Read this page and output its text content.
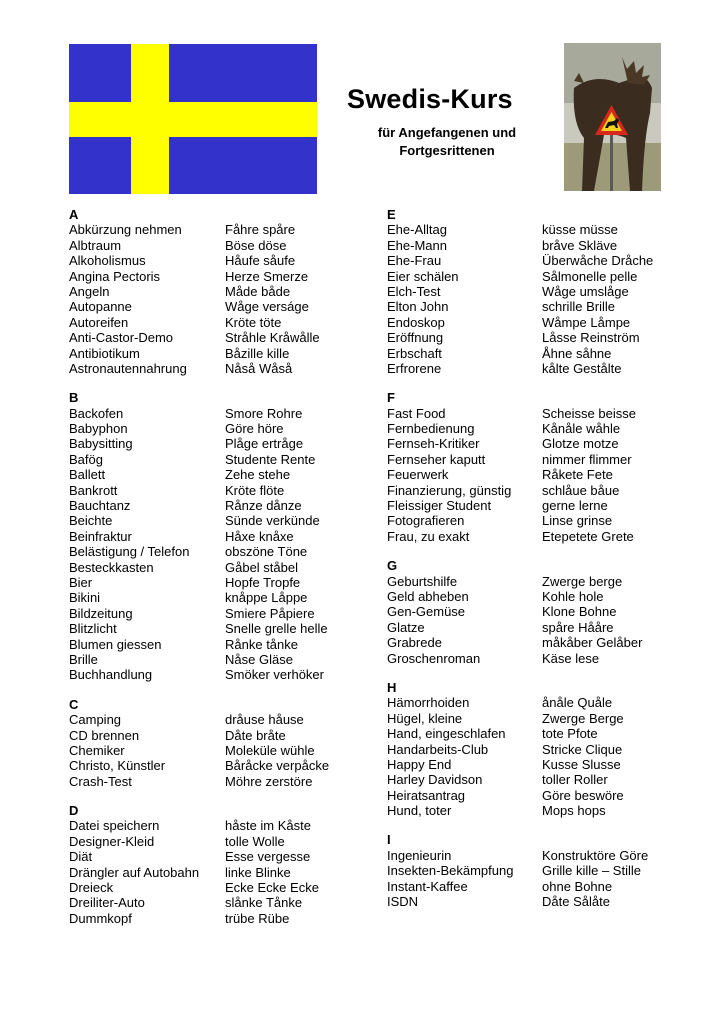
Swedis-Kurs
für Angefangenen und
Fortgesrittenen
A
Abkürzung nehmen	Fåhre spåre
Albtraum	Böse döse
Alkoholismus	Håufe såufe
Angina Pectoris	Herze Smerze
Angeln	Måde både
Autopanne	Wåge verságe
Autoreifen	Kröte töte
Anti-Castor-Demo	Stråhle Kråwålle
Antibiotikum	Båzille kille
Astronautennahrung	Nåså Wåså
B
Backofen	Smore Rohre
Babyphon	Göre höre
Babysitting	Plåge ertråge
Bafög	Studente Rente
Ballett	Zehe stehe
Bankrott	Kröte flöte
Bauchtanz	Rånze dånze
Beichte	Sünde verkünde
Beinfraktur	Håxe knåxe
Belästigung / Telefon	obszöne Töne
Besteckkasten	Gåbel ståbel
Bier	Hopfe Tropfe
Bikini	knåppe Låppe
Bildzeitung	Smiere Påpiere
Blitzlicht	Snelle grelle helle
Blumen giessen	Rånke tånke
Brille	Nåse Gläse
Buchhandlung	Smöker verhöker
C
Camping	dråuse håuse
CD brennen	Dåte bråte
Chemiker	Moleküle wühle
Christo, Künstler	Båråcke verpåcke
Crash-Test	Möhre zerstöre
D
Datei speichern	håste im Kåste
Designer-Kleid	tolle Wolle
Diät	Esse vergesse
Drängler auf Autobahn	linke Blinke
Dreieck	Ecke Ecke Ecke
Dreiliter-Auto	slånke Tånke
Dummkopf	trübe Rübe
E
Ehe-Alltag	küsse müsse
Ehe-Mann	bråve Skläve
Ehe-Frau	Überwåche Dråche
Eier schälen	Sålmonelle pelle
Elch-Test	Wåge umslåge
Elton John	schrille Brille
Endoskop	Wåmpe Låmpe
Eröffnung	Låsse Reinström
Erbschaft	Åhne såhne
Erfrorene	kålte Gestålte
F
Fast Food	Scheisse beisse
Fernbedienung	Kånåle wåhle
Fernseh-Kritiker	Glotze motze
Fernseher kaputt	nimmer flimmer
Feuerwerk	Råkete Fete
Finanzierung, günstig	schlåue båue
Fleissiger Student	gerne lerne
Fotografieren	Linse grinse
Frau, zu exakt	Etepetete Grete
G
Geburtshilfe	Zwerge berge
Geld abheben	Kohle hole
Gen-Gemüse	Klone Bohne
Glatze	spåre Hååre
Grabrede	måkåber Gelåber
Groschenroman	Käse lese
H
Hämorrhoiden	ånåle Quåle
Hügel, kleine	Zwerge Berge
Hand, eingeschlafen	tote Pfote
Handarbeits-Club	Stricke Clique
Happy End	Kusse Slusse
Harley Davidson	toller Roller
Heiratsantrag	Göre beswöre
Hund, toter	Mops hops
I
Ingenieurin	Konstruktöre Göre
Insekten-Bekämpfung	Grille kille – Stille
Instant-Kaffee	ohne Bohne
ISDN	Dåte Sålåte
